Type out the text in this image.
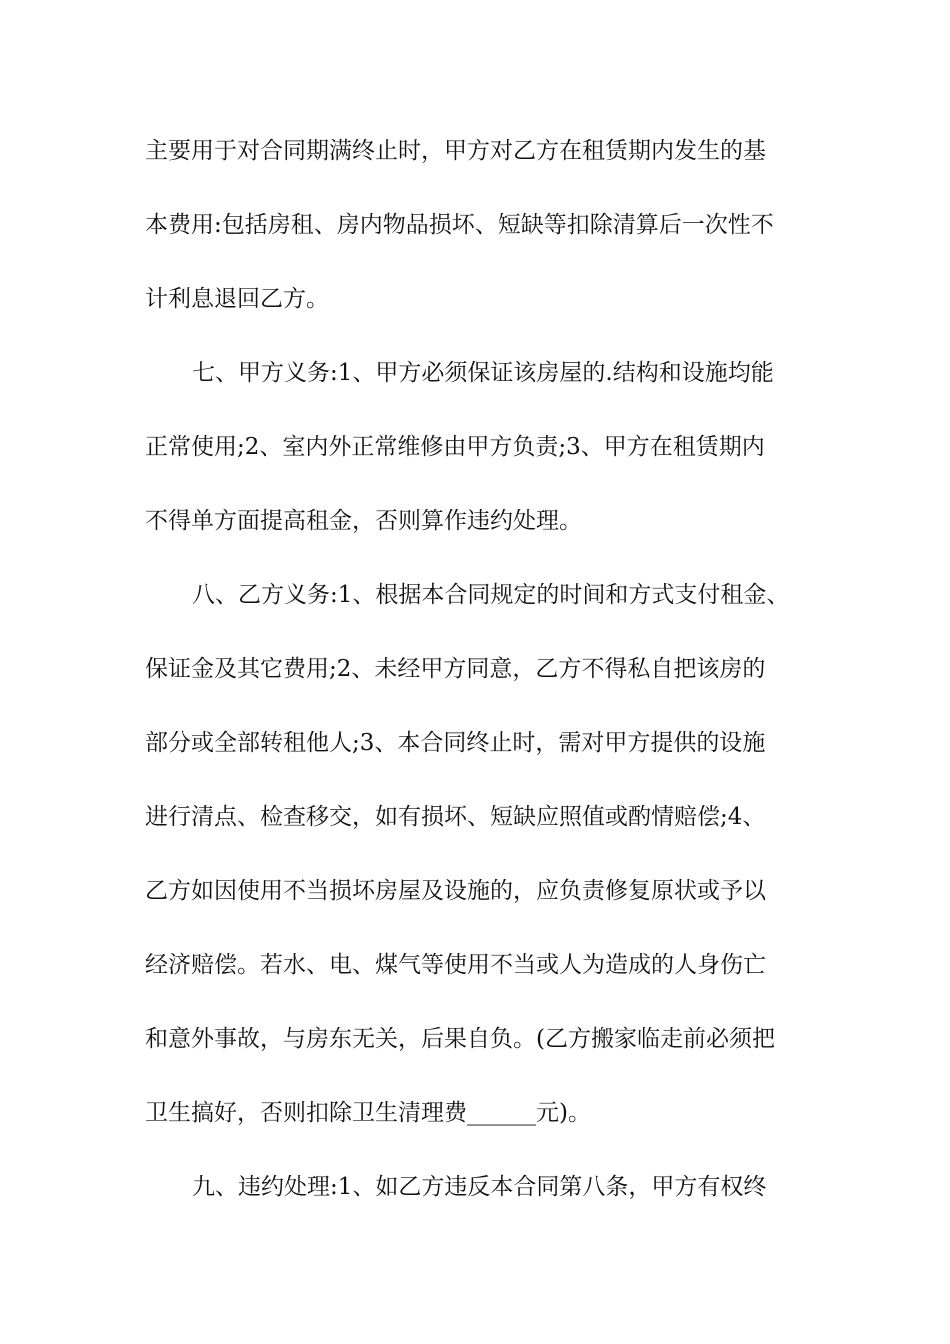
主要用于对合同期满终止时，甲方对乙方在租赁期内发生的基
本费用:包括房租、房内物品损坏、短缺等扣除清算后一次性不
计利息退回乙方。
七、甲方义务:1、甲方必须保证该房屋的.结构和设施均能
正常使用;2、室内外正常维修由甲方负责;3、甲方在租赁期内
不得单方面提高租金，否则算作违约处理。
八、乙方义务:1、根据本合同规定的时间和方式支付租金、
保证金及其它费用;2、未经甲方同意，乙方不得私自把该房的
部分或全部转租他人;3、本合同终止时，需对甲方提供的设施
进行清点、检查移交，如有损坏、短缺应照值或酌情赔偿;4、
乙方如因使用不当损坏房屋及设施的，应负责修复原状或予以
经济赔偿。若水、电、煤气等使用不当或人为造成的人身伤亡
和意外事故，与房东无关，后果自负。(乙方搬家临走前必须把
卫生搞好，否则扣除卫生清理费______元)。
九、违约处理:1、如乙方违反本合同第八条，甲方有权终
